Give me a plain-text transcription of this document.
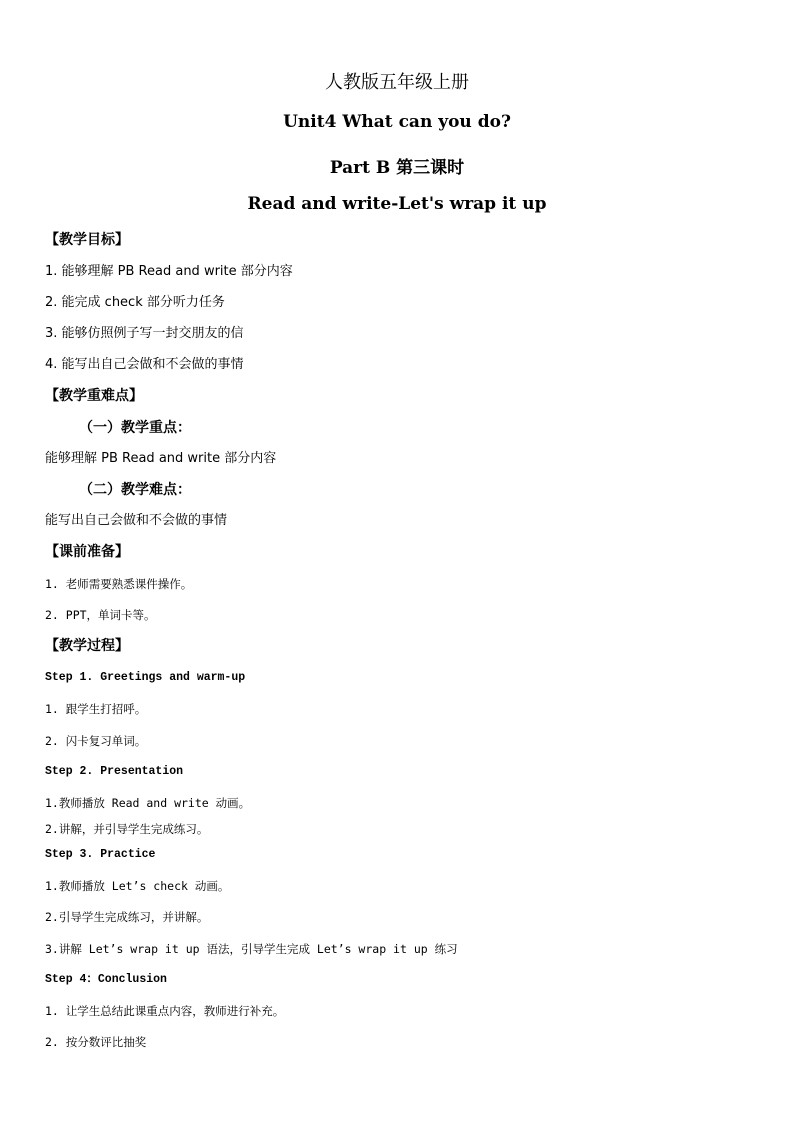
人教版五年级上册
Unit4 What can you do?
Part B 第三课时
Read and write-Let's wrap it up
【教学目标】
1. 能够理解 PB Read and write 部分内容
2. 能完成 check 部分听力任务
3. 能够仿照例子写一封交朋友的信
4. 能写出自己会做和不会做的事情
【教学重难点】
（一）教学重点：
能够理解 PB Read and write 部分内容
（二）教学难点：
能写出自己会做和不会做的事情
【课前准备】
1. 老师需要熟悉课件操作。
2. PPT，单词卡等。
【教学过程】
Step 1. Greetings and warm-up
1. 跟学生打招呼。
2. 闪卡复习单词。
Step 2. Presentation
1.教师播放 Read and write 动画。
2.讲解，并引导学生完成练习。
Step 3. Practice
1.教师播放 Let’s check 动画。
2.引导学生完成练习，并讲解。
3.讲解 Let’s wrap it up 语法，引导学生完成 Let’s wrap it up 练习
Step 4：Conclusion
1. 让学生总结此课重点内容，教师进行补充。
2. 按分数评比抽奖
